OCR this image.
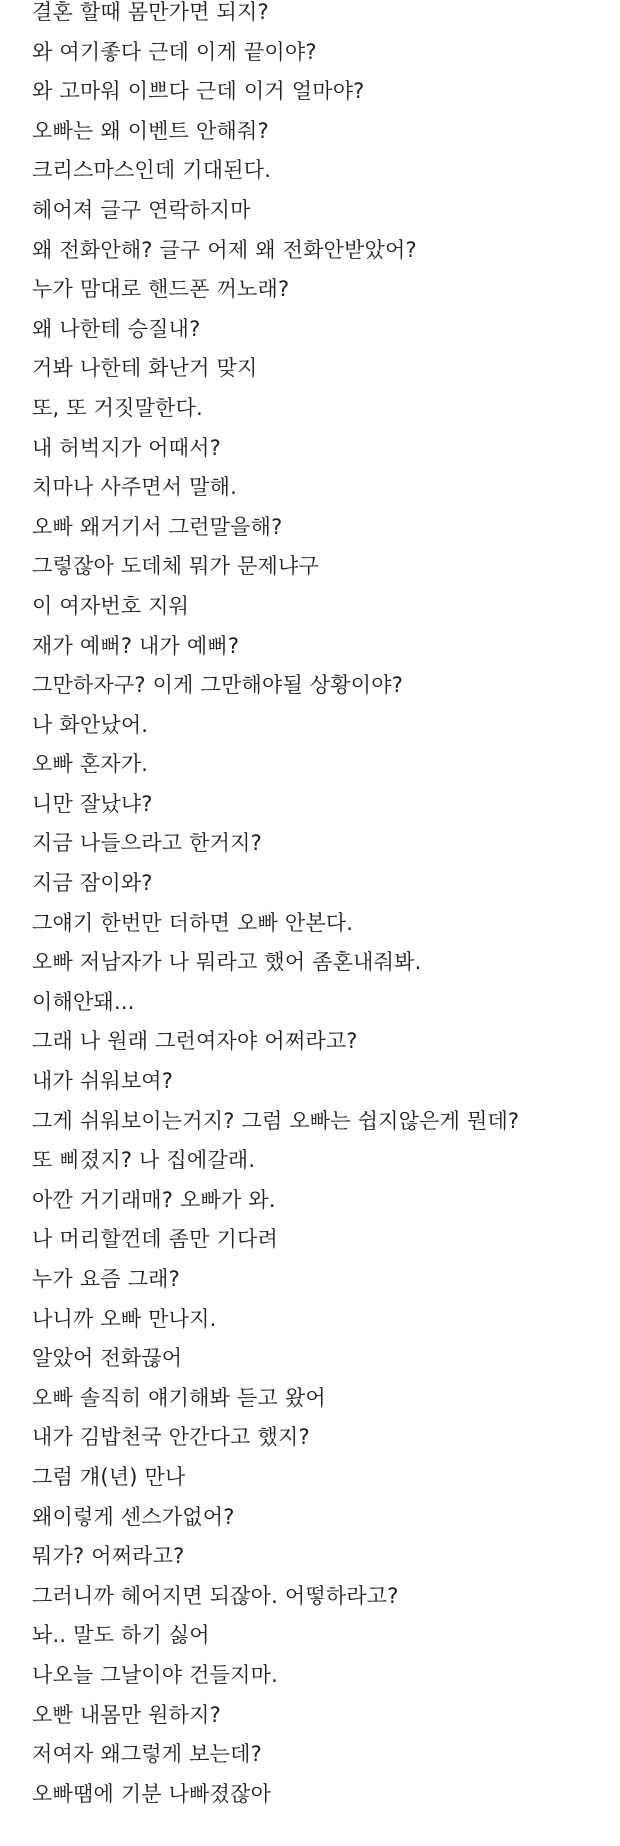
결혼 할때 몸만가면 되지?
와 여기좋다 근데 이게 끝이야?
와 고마워 이쁘다 근데 이거 얼마야?
오빠는 왜 이벤트 안해줘?
크리스마스인데 기대된다.
헤어져 글구 연락하지마
왜 전화안해? 글구 어제 왜 전화안받았어?
누가 맘대로 핸드폰 꺼노래?
왜 나한테 승질내?
거봐 나한테 화난거 맞지
또, 또 거짓말한다.
내 허벅지가 어때서?
치마나 사주면서 말해.
오빠 왜거기서 그런말을해?
그렇잖아 도데체 뭐가 문제냐구
이 여자번호 지워
재가 예뻐? 내가 예뻐?
그만하자구? 이게 그만해야될 상황이야?
나 화안났어.
오빠 혼자가.
니만 잘났냐?
지금 나들으라고 한거지?
지금 잠이와?
그얘기 한번만 더하면 오빠 안본다.
오빠 저남자가 나 뭐라고 했어 좀혼내줘봐.
이해안돼...
그래 나 원래 그런여자야 어쩌라고?
내가 쉬워보여?
그게 쉬워보이는거지? 그럼 오빠는 쉽지않은게 뭔데?
또 삐졌지? 나 집에갈래.
아깐 거기래매? 오빠가 와.
나 머리할껀데 좀만 기다려
누가 요즘 그래?
나니까 오빠 만나지.
알았어 전화끊어
오빠 솔직히 얘기해봐 듣고 왔어
내가 김밥천국 안간다고 했지?
그럼 걔(년) 만나
왜이렇게 센스가없어?
뭐가? 어쩌라고?
그러니까 헤어지면 되잖아. 어떻하라고?
놔.. 말도 하기 싫어
나오늘 그날이야 건들지마.
오빤 내몸만 원하지?
저여자 왜그렇게 보는데?
오빠땜에 기분 나빠졌잖아
